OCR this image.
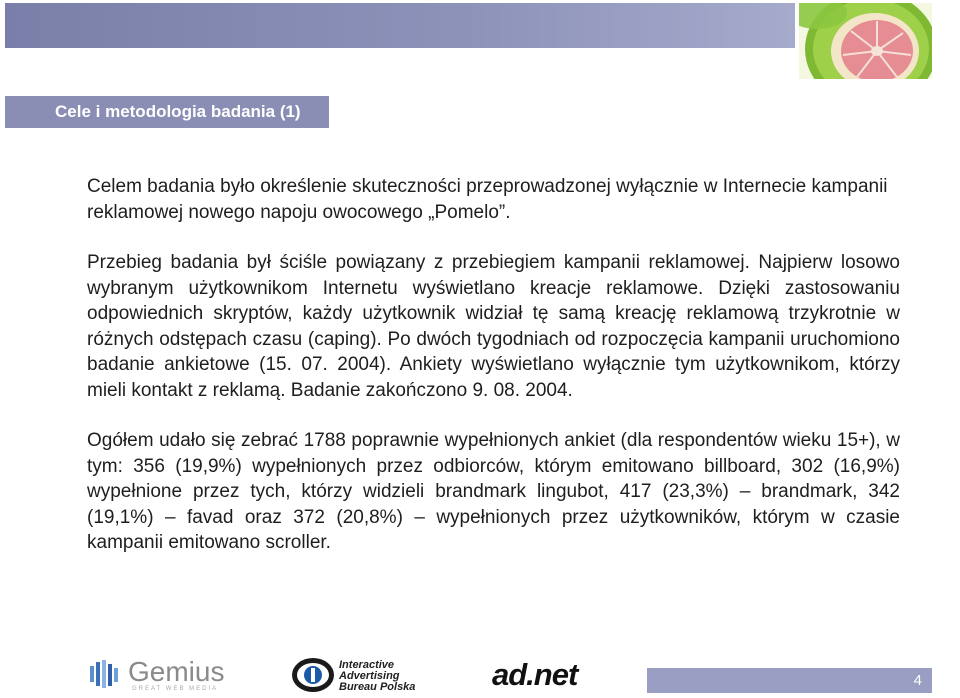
Cele i metodologia badania (1)

Celem badania było określenie skuteczności przeprowadzonej wyłącznie w Internecie kampanii reklamowej nowego napoju owocowego „Pomelo”.

Przebieg badania był ściśle powiązany z przebiegiem kampanii reklamowej. Najpierw losowo wybranym użytkownikom Internetu wyświetlano kreacje reklamowe. Dzięki zastosowaniu odpowiednich skryptów, każdy użytkownik widział tę samą kreację reklamową trzykrotnie w różnych odstępach czasu (caping). Po dwóch tygodniach od rozpoczęcia kampanii uruchomiono badanie ankietowe (15. 07. 2004). Ankiety wyświetlano wyłącznie tym użytkownikom, którzy mieli kontakt z reklamą. Badanie zakończono 9. 08. 2004.

Ogółem udało się zebrać 1788 poprawnie wypełnionych ankiet (dla respondentów wieku 15+), w tym: 356 (19,9%) wypełnionych przez odbiorców, którym emitowano billboard, 302 (16,9%) wypełnione przez tych, którzy widzieli brandmark lingubot, 417 (23,3%) – brandmark, 342 (19,1%) – favad oraz 372 (20,8%) – wypełnionych przez użytkowników, którym w czasie kampanii emitowano scroller.

Gemius
GREAT WEB MEDIA
Interactive
Advertising
Bureau Polska ad.net	4
